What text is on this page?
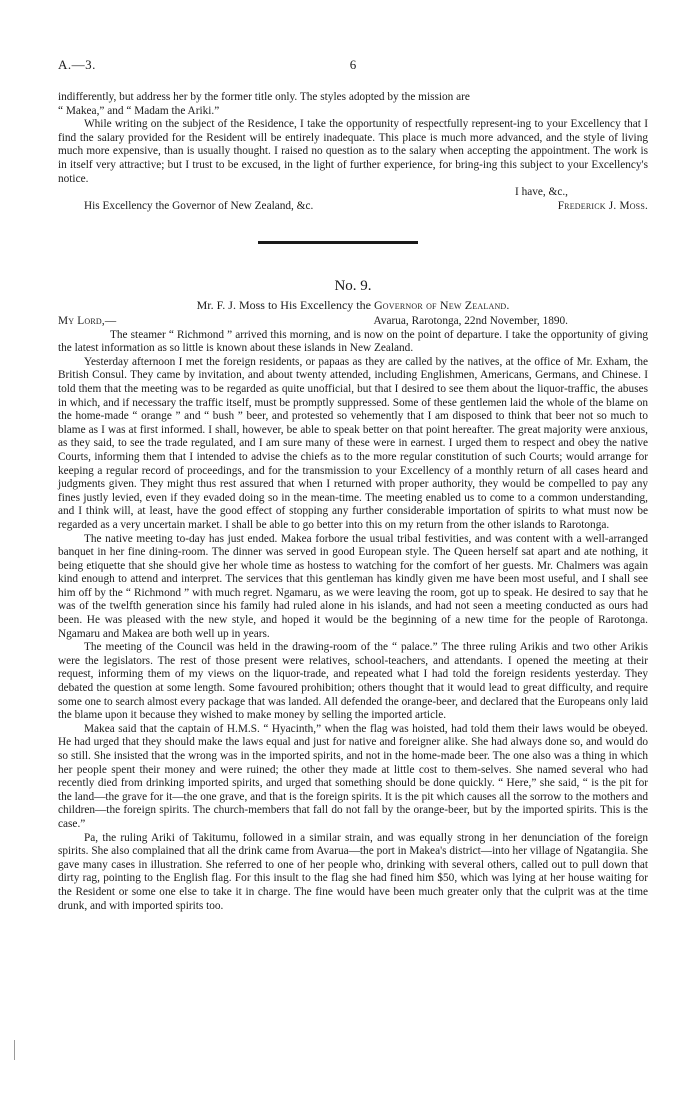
A.—3.	6

indifferently, but address her by the former title only. The styles adopted by the mission are

“ Makea,” and “ Madam the Ariki.”

While writing on the subject of the Residence, I take the opportunity of respectfully represent-ing to your Excellency that I find the salary provided for the Resident will be entirely inadequate. This place is much more advanced, and the style of living much more expensive, than is usually thought. I raised no question as to the salary when accepting the appointment. The work is in itself very attractive; but I trust to be excused, in the light of further experience, for bring-ing this subject to your Excellency's notice.

I have, &c.,
His Excellency the Governor of New Zealand, &c.	Frederick J. Moss.
No. 9.
Mr. F. J. Moss to His Excellency the Governor of New Zealand.
My Lord,—	Avarua, Rarotonga, 22nd November, 1890.

The steamer “ Richmond ” arrived this morning, and is now on the point of departure. I take the opportunity of giving the latest information as so little is known about these islands in New Zealand.

Yesterday afternoon I met the foreign residents, or papaas as they are called by the natives, at the office of Mr. Exham, the British Consul. They came by invitation, and about twenty attended, including Englishmen, Americans, Germans, and Chinese. I told them that the meeting was to be regarded as quite unofficial, but that I desired to see them about the liquor-traffic, the abuses in which, and if necessary the traffic itself, must be promptly suppressed. Some of these gentlemen laid the whole of the blame on the home-made “ orange ” and “ bush ” beer, and protested so vehemently that I am disposed to think that beer not so much to blame as I was at first informed. I shall, however, be able to speak better on that point hereafter. The great majority were anxious, as they said, to see the trade regulated, and I am sure many of these were in earnest. I urged them to respect and obey the native Courts, informing them that I intended to advise the chiefs as to the more regular constitution of such Courts; would arrange for keeping a regular record of proceedings, and for the transmission to your Excellency of a monthly return of all cases heard and judgments given. They might thus rest assured that when I returned with proper authority, they would be compelled to pay any fines justly levied, even if they evaded doing so in the mean-time. The meeting enabled us to come to a common understanding, and I think will, at least, have the good effect of stopping any further considerable importation of spirits to what must now be regarded as a very uncertain market. I shall be able to go better into this on my return from the other islands to Rarotonga.

The native meeting to-day has just ended. Makea forbore the usual tribal festivities, and was content with a well-arranged banquet in her fine dining-room. The dinner was served in good European style. The Queen herself sat apart and ate nothing, it being etiquette that she should give her whole time as hostess to watching for the comfort of her guests. Mr. Chalmers was again kind enough to attend and interpret. The services that this gentleman has kindly given me have been most useful, and I shall see him off by the “ Richmond ” with much regret. Ngamaru, as we were leaving the room, got up to speak. He desired to say that he was of the twelfth generation since his family had ruled alone in his islands, and had not seen a meeting conducted as ours had been. He was pleased with the new style, and hoped it would be the beginning of a new time for the people of Rarotonga. Ngamaru and Makea are both well up in years.

The meeting of the Council was held in the drawing-room of the “ palace.” The three ruling Arikis and two other Arikis were the legislators. The rest of those present were relatives, school-teachers, and attendants. I opened the meeting at their request, informing them of my views on the liquor-trade, and repeated what I had told the foreign residents yesterday. They debated the question at some length. Some favoured prohibition; others thought that it would lead to great difficulty, and require some one to search almost every package that was landed. All defended the orange-beer, and declared that the Europeans only laid the blame upon it because they wished to make money by selling the imported article.

Makea said that the captain of H.M.S. “ Hyacinth,” when the flag was hoisted, had told them their laws would be obeyed. He had urged that they should make the laws equal and just for native and foreigner alike. She had always done so, and would do so still. She insisted that the wrong was in the imported spirits, and not in the home-made beer. The one also was a thing in which her people spent their money and were ruined; the other they made at little cost to them-selves. She named several who had recently died from drinking imported spirits, and urged that something should be done quickly. “ Here,” she said, “ is the pit for the land—the grave for it—the one grave, and that is the foreign spirits. It is the pit which causes all the sorrow to the mothers and children—the foreign spirits. The church-members that fall do not fall by the orange-beer, but by the imported spirits. This is the case.”

Pa, the ruling Ariki of Takitumu, followed in a similar strain, and was equally strong in her denunciation of the foreign spirits. She also complained that all the drink came from Avarua—the port in Makea's district—into her village of Ngatangiia. She gave many cases in illustration. She referred to one of her people who, drinking with several others, called out to pull down that dirty rag, pointing to the English flag. For this insult to the flag she had fined him $50, which was lying at her house waiting for the Resident or some one else to take it in charge. The fine would have been much greater only that the culprit was at the time drunk, and with imported spirits too.
